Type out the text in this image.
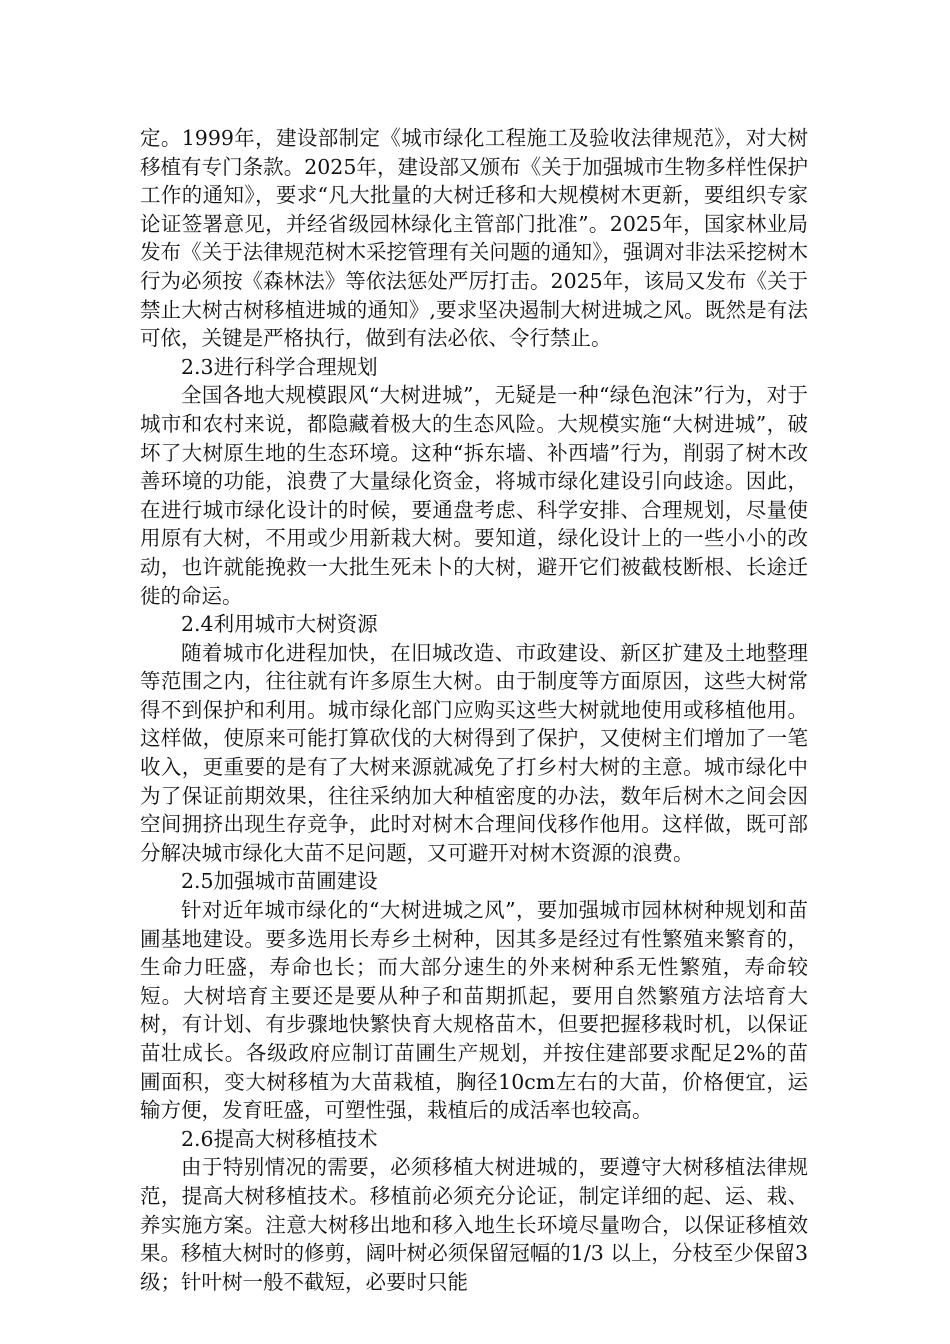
定。1999年，建设部制定《城市绿化工程施工及验收法律规范》，对大树移植有专门条款。2025年，建设部又颁布《关于加强城市生物多样性保护工作的通知》，要求“凡大批量的大树迁移和大规模树木更新，要组织专家论证签署意见，并经省级园林绿化主管部门批准”。2025年，国家林业局发布《关于法律规范树木采挖管理有关问题的通知》，强调对非法采挖树木行为必须按《森林法》等依法惩处严厉打击。2025年，该局又发布《关于禁止大树古树移植进城的通知》,要求坚决遏制大树进城之风。既然是有法可依，关键是严格执行，做到有法必依、令行禁止。

2.3进行科学合理规划

全国各地大规模跟风“大树进城”，无疑是一种“绿色泡沫”行为，对于城市和农村来说，都隐藏着极大的生态风险。大规模实施“大树进城”，破坏了大树原生地的生态环境。这种“拆东墙、补西墙”行为，削弱了树木改善环境的功能，浪费了大量绿化资金，将城市绿化建设引向歧途。因此，在进行城市绿化设计的时候，要通盘考虑、科学安排、合理规划，尽量使用原有大树，不用或少用新栽大树。要知道，绿化设计上的一些小小的改动，也许就能挽救一大批生死未卜的大树，避开它们被截枝断根、长途迁徙的命运。

2.4利用城市大树资源

随着城市化进程加快，在旧城改造、市政建设、新区扩建及土地整理等范围之内，往往就有许多原生大树。由于制度等方面原因，这些大树常得不到保护和利用。城市绿化部门应购买这些大树就地使用或移植他用。这样做，使原来可能打算砍伐的大树得到了保护，又使树主们增加了一笔收入，更重要的是有了大树来源就减免了打乡村大树的主意。城市绿化中为了保证前期效果，往往采纳加大种植密度的办法，数年后树木之间会因空间拥挤出现生存竞争，此时对树木合理间伐移作他用。这样做，既可部分解决城市绿化大苗不足问题，又可避开对树木资源的浪费。

2.5加强城市苗圃建设

针对近年城市绿化的“大树进城之风”，要加强城市园林树种规划和苗圃基地建设。要多选用长寿乡土树种，因其多是经过有性繁殖来繁育的，生命力旺盛，寿命也长；而大部分速生的外来树种系无性繁殖，寿命较短。大树培育主要还是要从种子和苗期抓起，要用自然繁殖方法培育大树，有计划、有步骤地快繁快育大规格苗木，但要把握移栽时机，以保证苗壮成长。各级政府应制订苗圃生产规划，并按住建部要求配足2%的苗圃面积，变大树移植为大苗栽植，胸径10cm左右的大苗，价格便宜，运输方便，发育旺盛，可塑性强，栽植后的成活率也较高。

2.6提高大树移植技术

由于特别情况的需要，必须移植大树进城的，要遵守大树移植法律规范，提高大树移植技术。移植前必须充分论证，制定详细的起、运、栽、养实施方案。注意大树移出地和移入地生长环境尽量吻合，以保证移植效果。移植大树时的修剪，阔叶树必须保留冠幅的1/3 以上，分枝至少保留3 级；针叶树一般不截短，必要时只能
